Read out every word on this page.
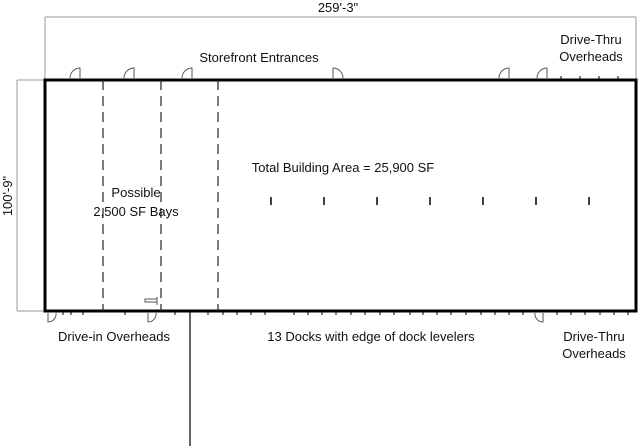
259'-3"
100'-9"
Storefront Entrances
Drive-Thru
Overheads
Total Building Area = 25,900 SF
Possible
2,500 SF Bays
Drive-in Overheads	13 Docks with edge of dock levelers	Drive-Thru
Overheads
